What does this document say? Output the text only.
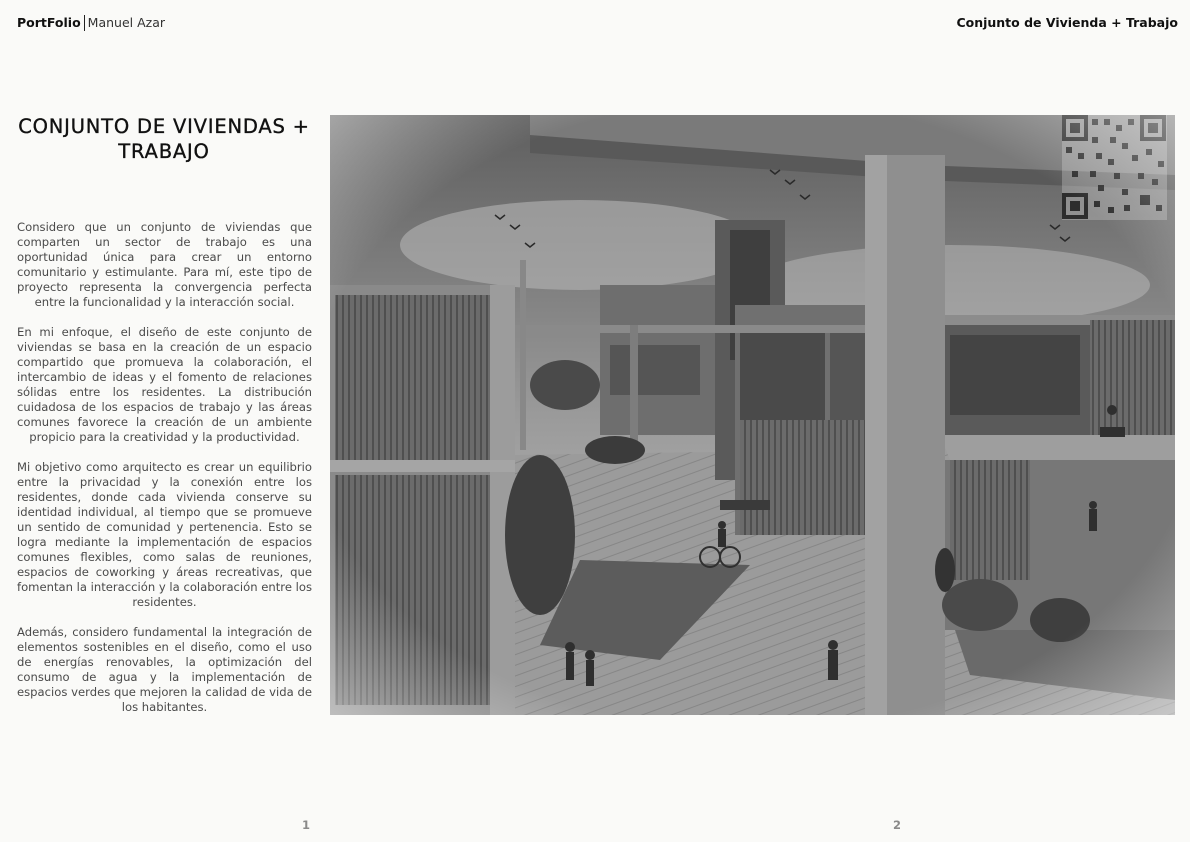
PortFolio Manuel Azar	Conjunto de Vivienda + Trabajo
CONJUNTO DE VIVIENDAS + TRABAJO

Considero que un conjunto de viviendas que comparten un sector de trabajo es una oportunidad única para crear un entorno comunitario y estimulante. Para mí, este tipo de proyecto representa la convergencia perfecta entre la funcionalidad y la interacción social.

En mi enfoque, el diseño de este conjunto de viviendas se basa en la creación de un espacio compartido que promueva la colaboración, el intercambio de ideas y el fomento de relaciones sólidas entre los residentes. La distribución cuidadosa de los espacios de trabajo y las áreas comunes favorece la creación de un ambiente propicio para la creatividad y la productividad.

Mi objetivo como arquitecto es crear un equilibrio entre la privacidad y la conexión entre los residentes, donde cada vivienda conserve su identidad individual, al tiempo que se promueve un sentido de comunidad y pertenencia. Esto se logra mediante la implementación de espacios comunes flexibles, como salas de reuniones, espacios de coworking y áreas recreativas, que fomentan la interacción y la colaboración entre los residentes.

Además, considero fundamental la integración de elementos sostenibles en el diseño, como el uso de energías renovables, la optimización del consumo de agua y la implementación de espacios verdes que mejoren la calidad de vida de los habitantes.

1	2
